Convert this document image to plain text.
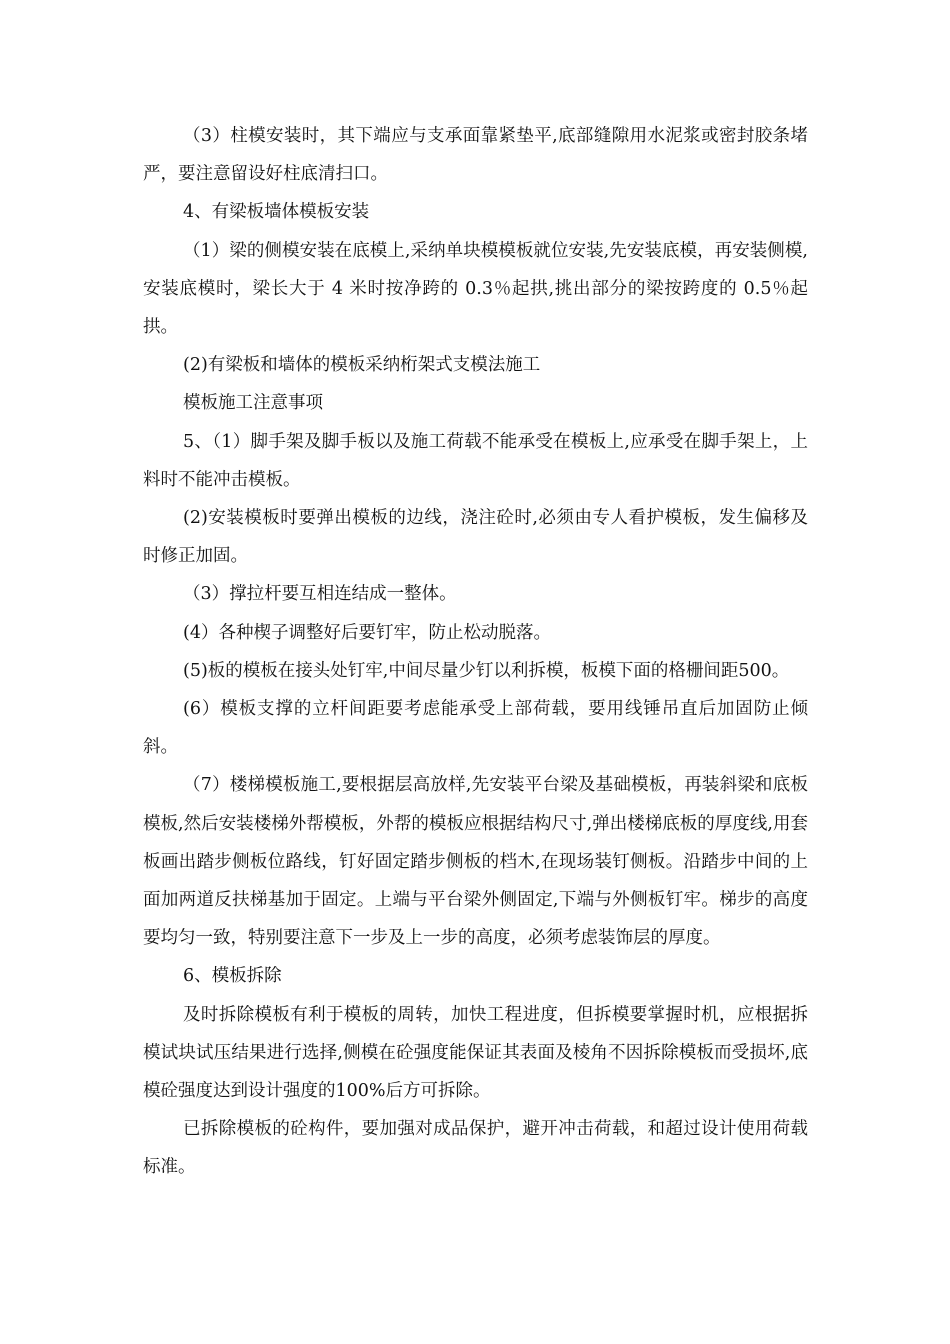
（3）柱模安装时，其下端应与支承面靠紧垫平,底部缝隙用水泥浆或密封胶条堵严，要注意留设好柱底清扫口。

4、有梁板墙体模板安装

（1）梁的侧模安装在底模上,采纳单块模模板就位安装,先安装底模，再安装侧模,安装底模时，梁长大于 4 米时按净跨的 0.3％起拱,挑出部分的梁按跨度的 0.5％起拱。

(2)有梁板和墙体的模板采纳桁架式支模法施工

模板施工注意事项

5、（1）脚手架及脚手板以及施工荷载不能承受在模板上,应承受在脚手架上，上料时不能冲击模板。

(2)安装模板时要弹出模板的边线，浇注砼时,必须由专人看护模板，发生偏移及时修正加固。

（3）撑拉杆要互相连结成一整体。

(4）各种楔子调整好后要钉牢，防止松动脱落。

(5)板的模板在接头处钉牢,中间尽量少钉以利拆模，板模下面的格栅间距500。

(6）模板支撑的立杆间距要考虑能承受上部荷载，要用线锤吊直后加固防止倾斜。

（7）楼梯模板施工,要根据层高放样,先安装平台梁及基础模板，再装斜梁和底板模板,然后安装楼梯外帮模板，外帮的模板应根据结构尺寸,弹出楼梯底板的厚度线,用套板画出踏步侧板位路线，钉好固定踏步侧板的档木,在现场装钉侧板。沿踏步中间的上面加两道反扶梯基加于固定。上端与平台梁外侧固定,下端与外侧板钉牢。梯步的高度要均匀一致，特别要注意下一步及上一步的高度，必须考虑装饰层的厚度。

6、模板拆除

及时拆除模板有利于模板的周转，加快工程进度，但拆模要掌握时机，应根据拆模试块试压结果进行选择,侧模在砼强度能保证其表面及棱角不因拆除模板而受损坏,底模砼强度达到设计强度的100%后方可拆除。

已拆除模板的砼构件，要加强对成品保护，避开冲击荷载，和超过设计使用荷载标准。
